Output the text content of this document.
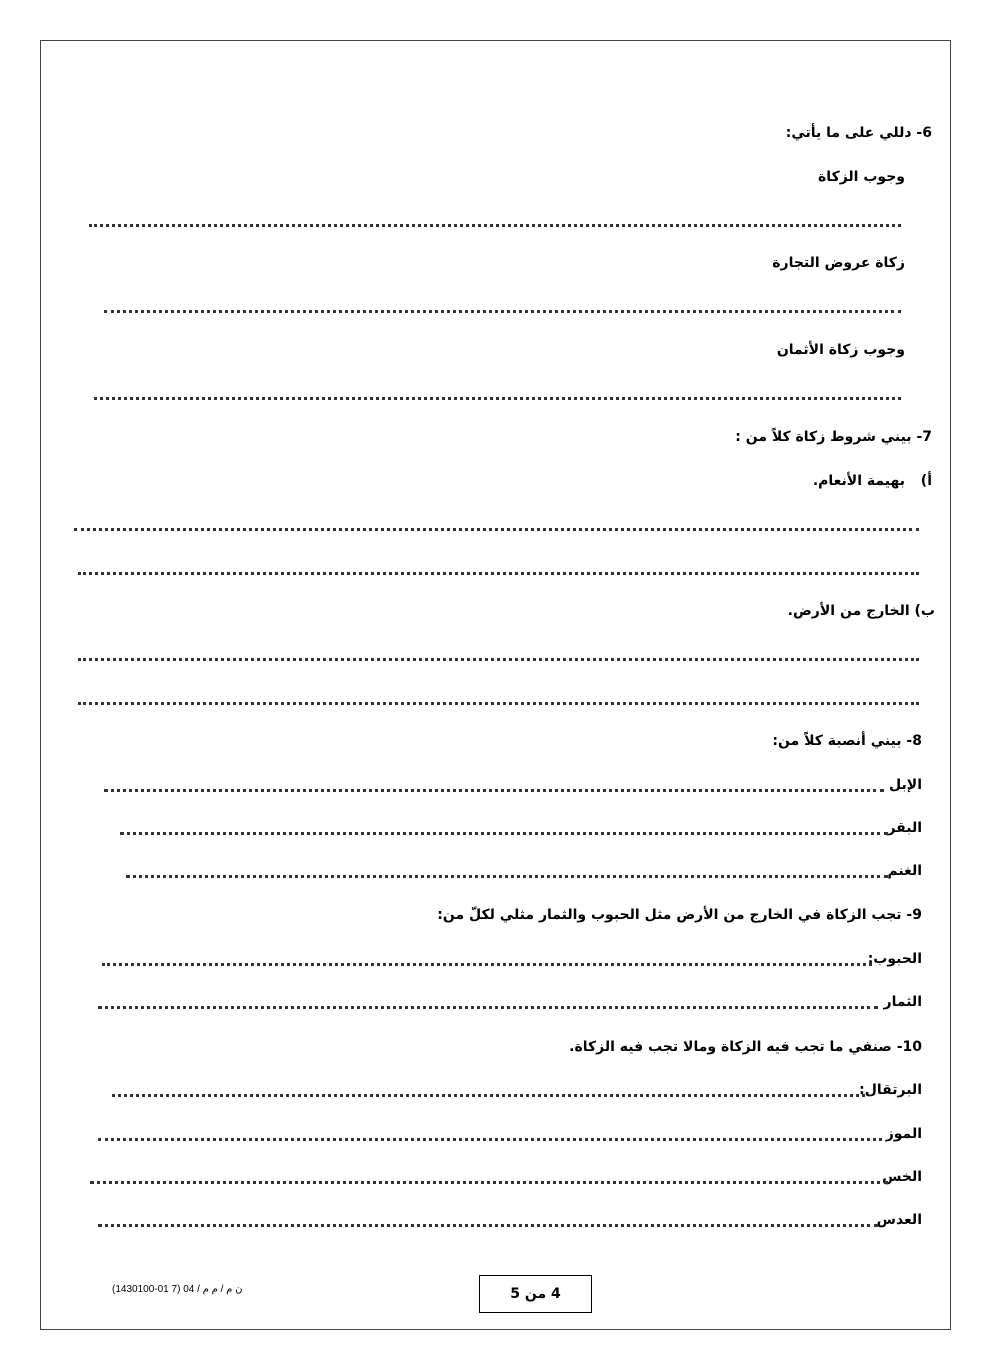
6- دللي على ما يأتي:
وجوب الزكاة
زكاة عروض التجارة
وجوب زكاة الأثمان
7- بيني شروط زكاة كلاً من :
أ)
بهيمة الأنعام.
ب) الخارج من الأرض.
8- بيني أنصبة كلاً من:
الإبل
البقر
الغنم
9- تجب الزكاة في الخارج من الأرض مثل الحبوب والثمار مثلي لكلّ من:
الحبوب:
الثمار
10- صنفي ما تجب فيه الزكاة ومالا تجب فيه الزكاة.
البرتقال:
الموز
الخس
العدس
ن م / م م / 04 (7 01-1430100)	4 من 5
